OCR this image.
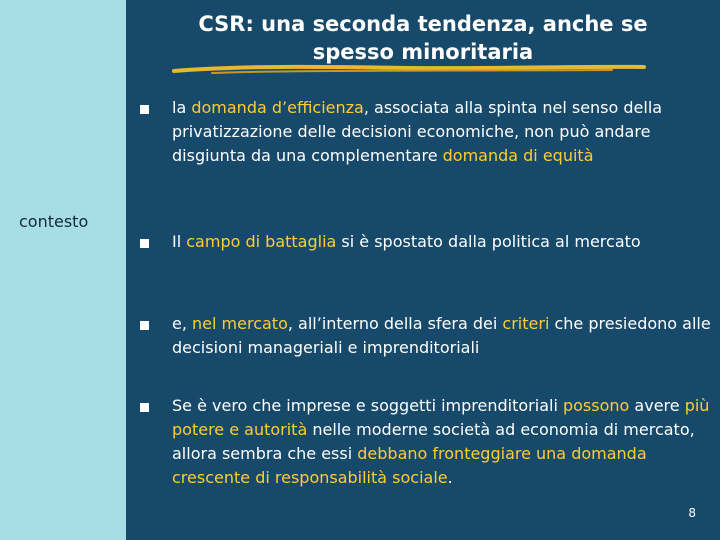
contesto
CSR: una seconda tendenza, anche se
spesso minoritaria
la domanda d’efficienza, associata alla spinta nel senso della privatizzazione delle decisioni economiche, non può andare disgiunta da una complementare domanda di equità
Il campo di battaglia si è spostato dalla politica al mercato
e, nel mercato, all’interno della sfera dei criteri che presiedono alle decisioni manageriali e imprenditoriali
Se è vero che imprese e soggetti imprenditoriali possono avere più potere e autorità nelle moderne società ad economia di mercato, allora sembra che essi debbano fronteggiare una domanda crescente di responsabilità sociale.
8
